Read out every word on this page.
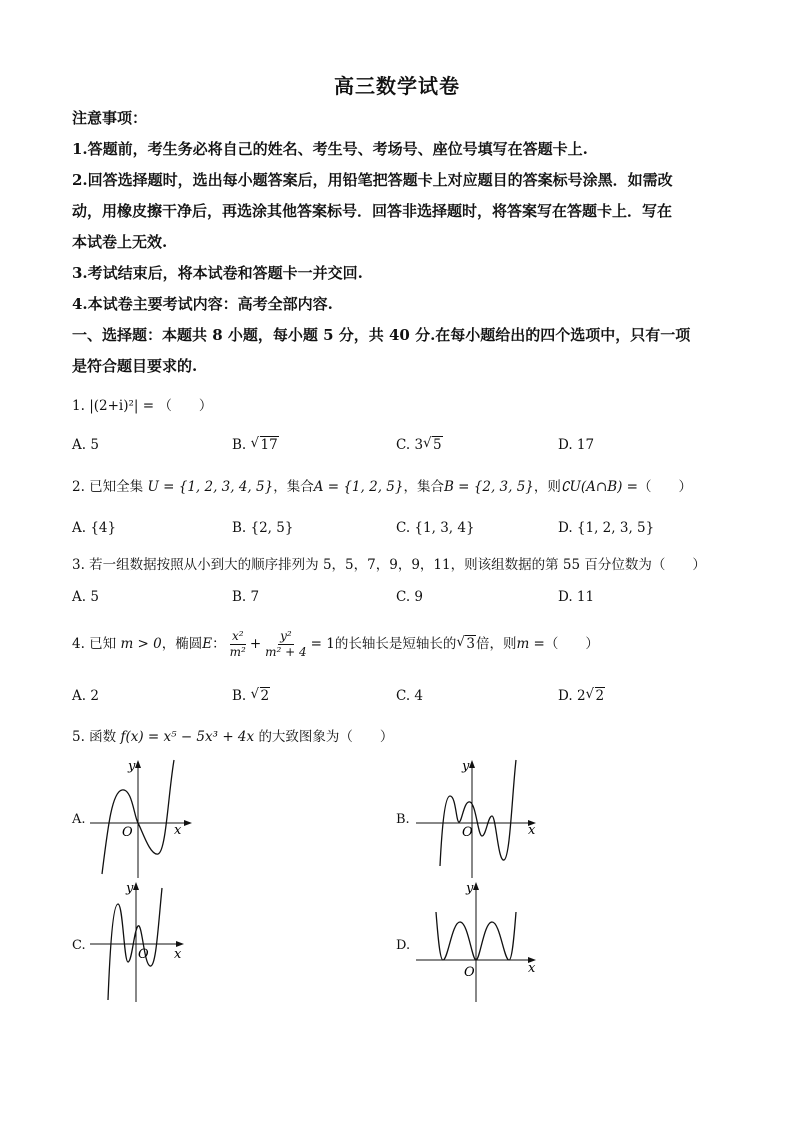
高三数学试卷
注意事项：
1.答题前，考生务必将自己的姓名、考生号、考场号、座位号填写在答题卡上.
2.回答选择题时，选出每小题答案后，用铅笔把答题卡上对应题目的答案标号涂黑．如需改
动，用橡皮擦干净后，再选涂其他答案标号．回答非选择题时，将答案写在答题卡上．写在
本试卷上无效.
3.考试结束后，将本试卷和答题卡一并交回.
4.本试卷主要考试内容：高考全部内容.
一、选择题：本题共 8 小题，每小题 5 分，共 40 分.在每小题给出的四个选项中，只有一项
是符合题目要求的.
1. |(2+i)²| = （　　）
A. 5	B. √ 17	C. 3 √ 5	D. 17
2. 已知全集 U = {1, 2, 3, 4, 5}，集合A = {1, 2, 5}，集合B = {2, 3, 5}，则∁U(A∩B) =（　　）
A. {4}	B. {2, 5}	C. {1, 3, 4}	D. {1, 2, 3, 5}
3. 若一组数据按照从小到大的顺序排列为 5，5，7，9，9，11，则该组数据的第 55 百分位数为（　　）
A. 5	B. 7	C. 9	D. 11
4. 已知 m > 0，椭圆E： $\frac{\text{x²}}{\text{m²}} + \frac{\text{y²}}{\text{m² + 4}} = 1$的长轴长是短轴长的 √ 3倍，则m =（　　）
A. 2	B. √ 2	C. 4	D. 2 √ 2
5. 函数 f(x) = x⁵ − 5x³ + 4x 的大致图象为（　　）
A.
O	x
y
B.
O	x
y
C.
O x
y
D.
O	x
y
